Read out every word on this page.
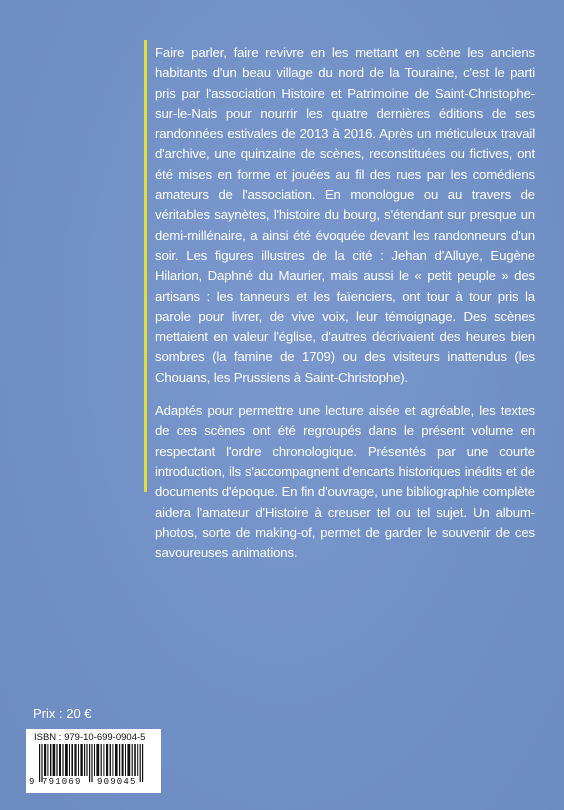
Faire parler, faire revivre en les mettant en scène les anciens habitants d'un beau village du nord de la Touraine, c'est le parti pris par l'association Histoire et Patrimoine de Saint-Christophe-sur-le-Nais pour nourrir les quatre dernières éditions de ses randonnées estivales de 2013 à 2016. Après un méticuleux travail d'archive, une quinzaine de scènes, reconstituées ou fictives, ont été mises en forme et jouées au fil des rues par les comédiens amateurs de l'association. En monologue ou au travers de véritables saynètes, l'histoire du bourg, s'étendant sur presque un demi-millénaire, a ainsi été évoquée devant les randonneurs d'un soir. Les figures illustres de la cité : Jehan d'Alluye, Eugène Hilarion, Daphné du Maurier, mais aussi le « petit peuple » des artisans : les tanneurs et les faïenciers, ont tour à tour pris la parole pour livrer, de vive voix, leur témoignage. Des scènes mettaient en valeur l'église, d'autres décrivaient des heures bien sombres (la famine de 1709) ou des visiteurs inattendus (les Chouans, les Prussiens à Saint-Christophe).

Adaptés pour permettre une lecture aisée et agréable, les textes de ces scènes ont été regroupés dans le présent volume en respectant l'ordre chronologique. Présentés par une courte introduction, ils s'accompagnent d'encarts historiques inédits et de documents d'époque. En fin d'ouvrage, une bibliographie complète aidera l'amateur d'Histoire à creuser tel ou tel sujet. Un album-photos, sorte de making-of, permet de garder le souvenir de ces savoureuses animations.

Prix : 20 €
ISBN : 979-10-699-0904-5
9 791069 909045
